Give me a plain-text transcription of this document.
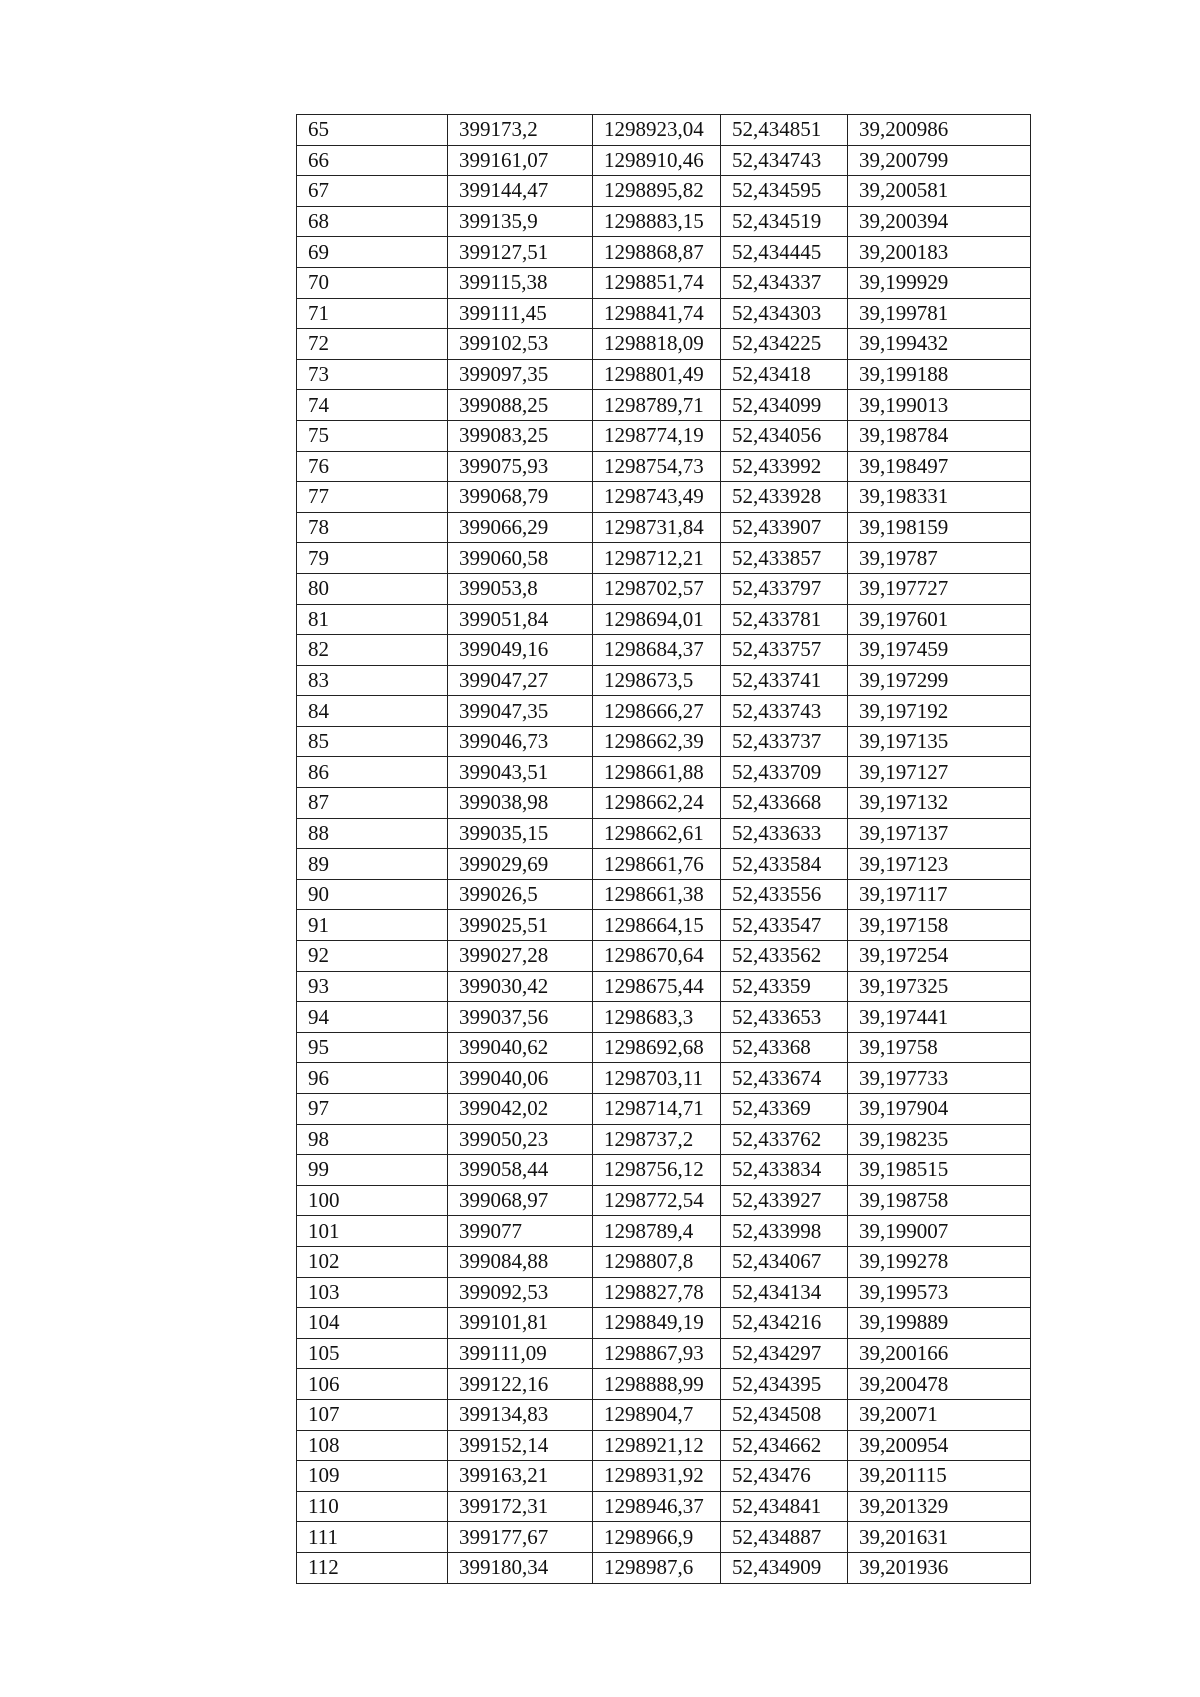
65	399173,2	1298923,04	52,434851	39,200986
66	399161,07	1298910,46	52,434743	39,200799
67	399144,47	1298895,82	52,434595	39,200581
68	399135,9	1298883,15	52,434519	39,200394
69	399127,51	1298868,87	52,434445	39,200183
70	399115,38	1298851,74	52,434337	39,199929
71	399111,45	1298841,74	52,434303	39,199781
72	399102,53	1298818,09	52,434225	39,199432
73	399097,35	1298801,49	52,43418	39,199188
74	399088,25	1298789,71	52,434099	39,199013
75	399083,25	1298774,19	52,434056	39,198784
76	399075,93	1298754,73	52,433992	39,198497
77	399068,79	1298743,49	52,433928	39,198331
78	399066,29	1298731,84	52,433907	39,198159
79	399060,58	1298712,21	52,433857	39,19787
80	399053,8	1298702,57	52,433797	39,197727
81	399051,84	1298694,01	52,433781	39,197601
82	399049,16	1298684,37	52,433757	39,197459
83	399047,27	1298673,5	52,433741	39,197299
84	399047,35	1298666,27	52,433743	39,197192
85	399046,73	1298662,39	52,433737	39,197135
86	399043,51	1298661,88	52,433709	39,197127
87	399038,98	1298662,24	52,433668	39,197132
88	399035,15	1298662,61	52,433633	39,197137
89	399029,69	1298661,76	52,433584	39,197123
90	399026,5	1298661,38	52,433556	39,197117
91	399025,51	1298664,15	52,433547	39,197158
92	399027,28	1298670,64	52,433562	39,197254
93	399030,42	1298675,44	52,43359	39,197325
94	399037,56	1298683,3	52,433653	39,197441
95	399040,62	1298692,68	52,43368	39,19758
96	399040,06	1298703,11	52,433674	39,197733
97	399042,02	1298714,71	52,43369	39,197904
98	399050,23	1298737,2	52,433762	39,198235
99	399058,44	1298756,12	52,433834	39,198515
100	399068,97	1298772,54	52,433927	39,198758
101	399077	1298789,4	52,433998	39,199007
102	399084,88	1298807,8	52,434067	39,199278
103	399092,53	1298827,78	52,434134	39,199573
104	399101,81	1298849,19	52,434216	39,199889
105	399111,09	1298867,93	52,434297	39,200166
106	399122,16	1298888,99	52,434395	39,200478
107	399134,83	1298904,7	52,434508	39,20071
108	399152,14	1298921,12	52,434662	39,200954
109	399163,21	1298931,92	52,43476	39,201115
110	399172,31	1298946,37	52,434841	39,201329
111	399177,67	1298966,9	52,434887	39,201631
112	399180,34	1298987,6	52,434909	39,201936
